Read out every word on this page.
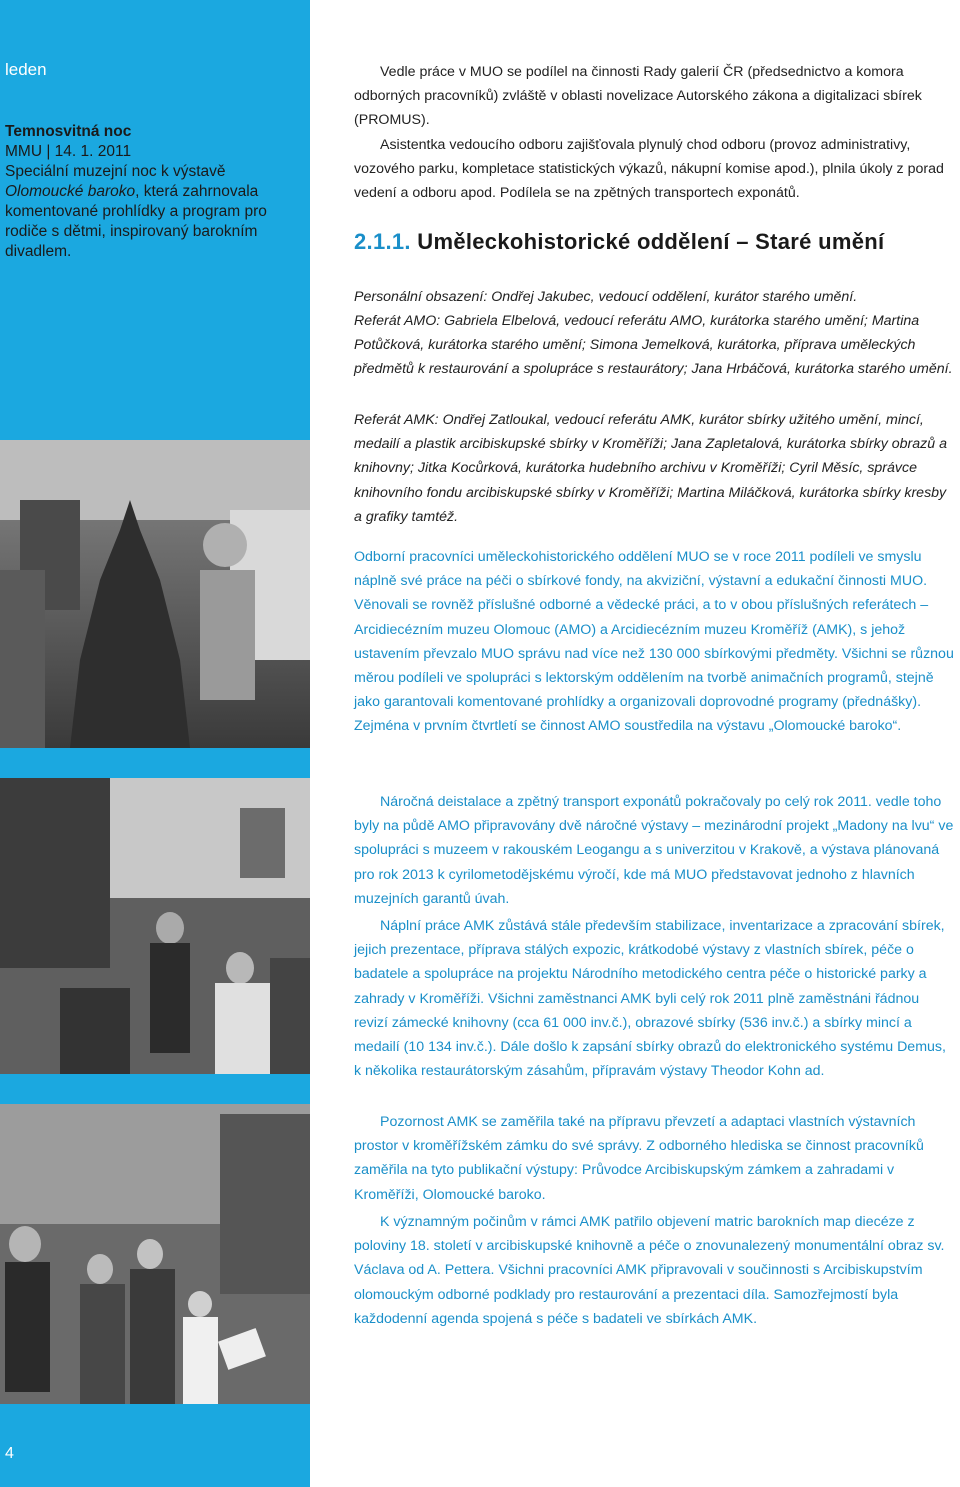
leden
Temnosvitná noc
MMU | 14. 1. 2011
Speciální muzejní noc k výstavě Olomoucké baroko, která zahrnovala komentované prohlídky a program pro rodiče s dětmi, inspirovaný barokním divadlem.
4

Vedle práce v MUO se podílel na činnosti Rady galerií ČR (předsednictvo a komora odborných pracovníků) zvláště v oblasti novelizace Autorského zákona a digitalizaci sbírek (PROMUS).

Asistentka vedoucího odboru zajišťovala plynulý chod odboru (provoz administrativy, vozového parku, kompletace statistických výkazů, nákupní komise apod.), plnila úkoly z porad vedení a odboru apod. Podílela se na zpětných transportech exponátů.

2.1.1. Uměleckohistorické oddělení – Staré umění

Personální obsazení: Ondřej Jakubec, vedoucí oddělení, kurátor starého umění.

Referát AMO: Gabriela Elbelová, vedoucí referátu AMO, kurátorka starého umění; Martina Potůčková, kurátorka starého umění; Simona Jemelková, kurátorka, příprava uměleckých předmětů k restaurování a spolupráce s restaurátory; Jana Hrbáčová, kurátorka starého umění.

Referát AMK: Ondřej Zatloukal, vedoucí referátu AMK, kurátor sbírky užitého umění, mincí, medailí a plastik arcibiskupské sbírky v Kroměříži; Jana Zapletalová, kurátorka sbírky obrazů a knihovny; Jitka Kocůrková, kurátorka hudebního archivu v Kroměříži; Cyril Měsíc, správce knihovního fondu arcibiskupské sbírky v Kroměříži; Martina Miláčková, kurátorka sbírky kresby a grafiky tamtéž.

Odborní pracovníci uměleckohistorického oddělení MUO se v roce 2011 podíleli ve smyslu náplně své práce na péči o sbírkové fondy, na akviziční, výstavní a edukační činnosti MUO. Věnovali se rovněž příslušné odborné a vědecké práci, a to v obou příslušných referátech – Arcidiecézním muzeu Olomouc (AMO) a Arcidiecézním muzeu Kroměříž (AMK), s jehož ustavením převzalo MUO správu nad více než 130 000 sbírkovými předměty. Všichni se různou měrou podíleli ve spolupráci s lektorským oddělením na tvorbě animačních programů, stejně jako garantovali komentované prohlídky a organizovali doprovodné programy (přednášky). Zejména v prvním čtvrtletí se činnost AMO soustředila na výstavu „Olomoucké baroko“.

Náročná deistalace a zpětný transport exponátů pokračovaly po celý rok 2011. vedle toho byly na půdě AMO připravovány dvě náročné výstavy – mezinárodní projekt „Madony na lvu“ ve spolupráci s muzeem v rakouském Leogangu a s univerzitou v Krakově, a výstava plánovaná pro rok 2013 k cyrilometodějskému výročí, kde má MUO představovat jednoho z hlavních muzejních garantů úvah.

Náplní práce AMK zůstává stále především stabilizace, inventarizace a zpracování sbírek, jejich prezentace, příprava stálých expozic, krátkodobé výstavy z vlastních sbírek, péče o badatele a spolupráce na projektu Národního metodického centra péče o historické parky a zahrady v Kroměříži. Všichni zaměstnanci AMK byli celý rok 2011 plně zaměstnáni řádnou revizí zámecké knihovny (cca 61 000 inv.č.), obrazové sbírky (536 inv.č.) a sbírky mincí a medailí (10 134 inv.č.). Dále došlo k zapsání sbírky obrazů do elektronického systému Demus, k několika restaurátorským zásahům, přípravám výstavy Theodor Kohn ad.

Pozornost AMK se zaměřila také na přípravu převzetí a adaptaci vlastních výstavních prostor v kroměřížském zámku do své správy. Z odborného hlediska se činnost pracovníků zaměřila na tyto publikační výstupy: Průvodce Arcibiskupským zámkem a zahradami v Kroměříži, Olomoucké baroko.

K významným počinům v rámci AMK patřilo objevení matric barokních map diecéze z poloviny 18. století v arcibiskupské knihovně a péče o znovunalezený monumentální obraz sv. Václava od A. Pettera. Všichni pracovníci AMK připravovali v součinnosti s Arcibiskupstvím olomouckým odborné podklady pro restaurování a prezentaci díla. Samozřejmostí byla každodenní agenda spojená s péče s badateli ve sbírkách AMK.
